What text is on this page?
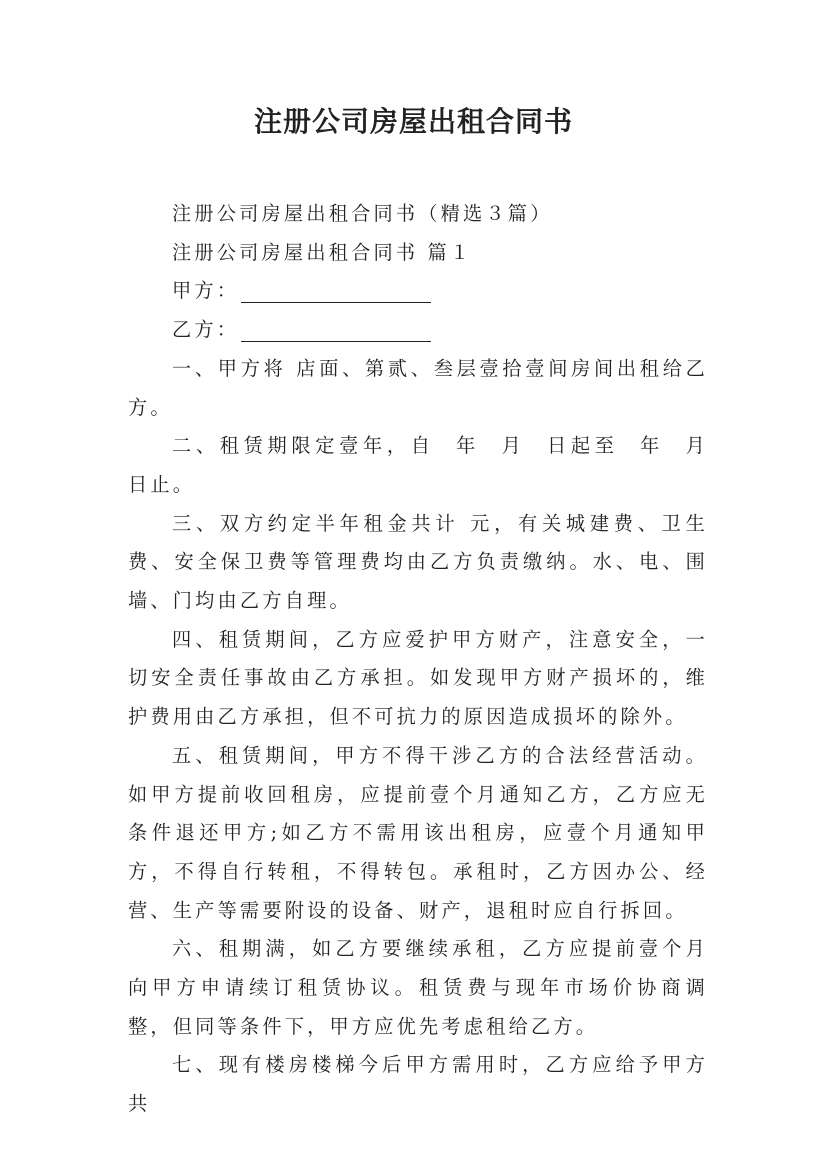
注册公司房屋出租合同书

注册公司房屋出租合同书（精选３篇）

注册公司房屋出租合同书 篇１

甲方：

乙方：

一、甲方将 店面、第贰、叁层壹拾壹间房间出租给乙方。

二、租赁期限定壹年，自  年  月  日起至  年  月  日止。

三、双方约定半年租金共计 元，有关城建费、卫生费、安全保卫费等管理费均由乙方负责缴纳。水、电、围墙、门均由乙方自理。

四、租赁期间，乙方应爱护甲方财产，注意安全，一切安全责任事故由乙方承担。如发现甲方财产损坏的，维护费用由乙方承担，但不可抗力的原因造成损坏的除外。

五、租赁期间，甲方不得干涉乙方的合法经营活动。如甲方提前收回租房，应提前壹个月通知乙方，乙方应无条件退还甲方;如乙方不需用该出租房，应壹个月通知甲方，不得自行转租，不得转包。承租时，乙方因办公、经营、生产等需要附设的设备、财产，退租时应自行拆回。

六、租期满，如乙方要继续承租，乙方应提前壹个月向甲方申请续订租赁协议。租赁费与现年市场价协商调整，但同等条件下，甲方应优先考虑租给乙方。

七、现有楼房楼梯今后甲方需用时，乙方应给予甲方共
